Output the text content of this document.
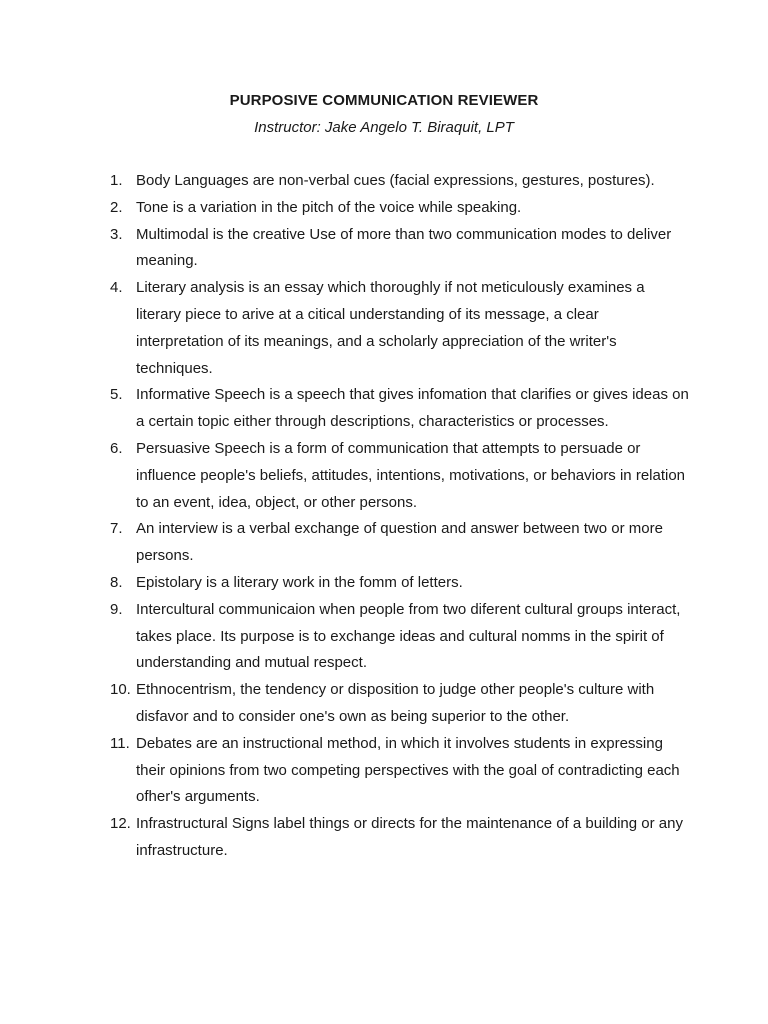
PURPOSIVE COMMUNICATION REVIEWER
Instructor: Jake Angelo T. Biraquit, LPT
1. Body Languages are non-verbal cues (facial expressions, gestures, postures).
2. Tone is a variation in the pitch of the voice while speaking.
3. Multimodal is the creative Use of more than two communication modes to deliver meaning.
4. Literary analysis is an essay which thoroughly if not meticulously examines a literary piece to arive at a citical understanding of its message, a clear interpretation of its meanings, and a scholarly appreciation of the writer's techniques.
5. Informative Speech is a speech that gives infomation that clarifies or gives ideas on a certain topic either through descriptions, characteristics or processes.
6. Persuasive Speech is a form of communication that attempts to persuade or influence people's beliefs, attitudes, intentions, motivations, or behaviors in relation to an event, idea, object, or other persons.
7. An interview is a verbal exchange of question and answer between two or more persons.
8. Epistolary is a literary work in the fomm of letters.
9. Intercultural communicaion when people from two diferent cultural groups interact, takes place. Its purpose is to exchange ideas and cultural nomms in the spirit of understanding and mutual respect.
10. Ethnocentrism, the tendency or disposition to judge other people's culture with disfavor and to consider one's own as being superior to the other.
11. Debates are an instructional method, in which it involves students in expressing their opinions from two competing perspectives with the goal of contradicting each ofher's arguments.
12. Infrastructural Signs label things or directs for the maintenance of a building or any infrastructure.
